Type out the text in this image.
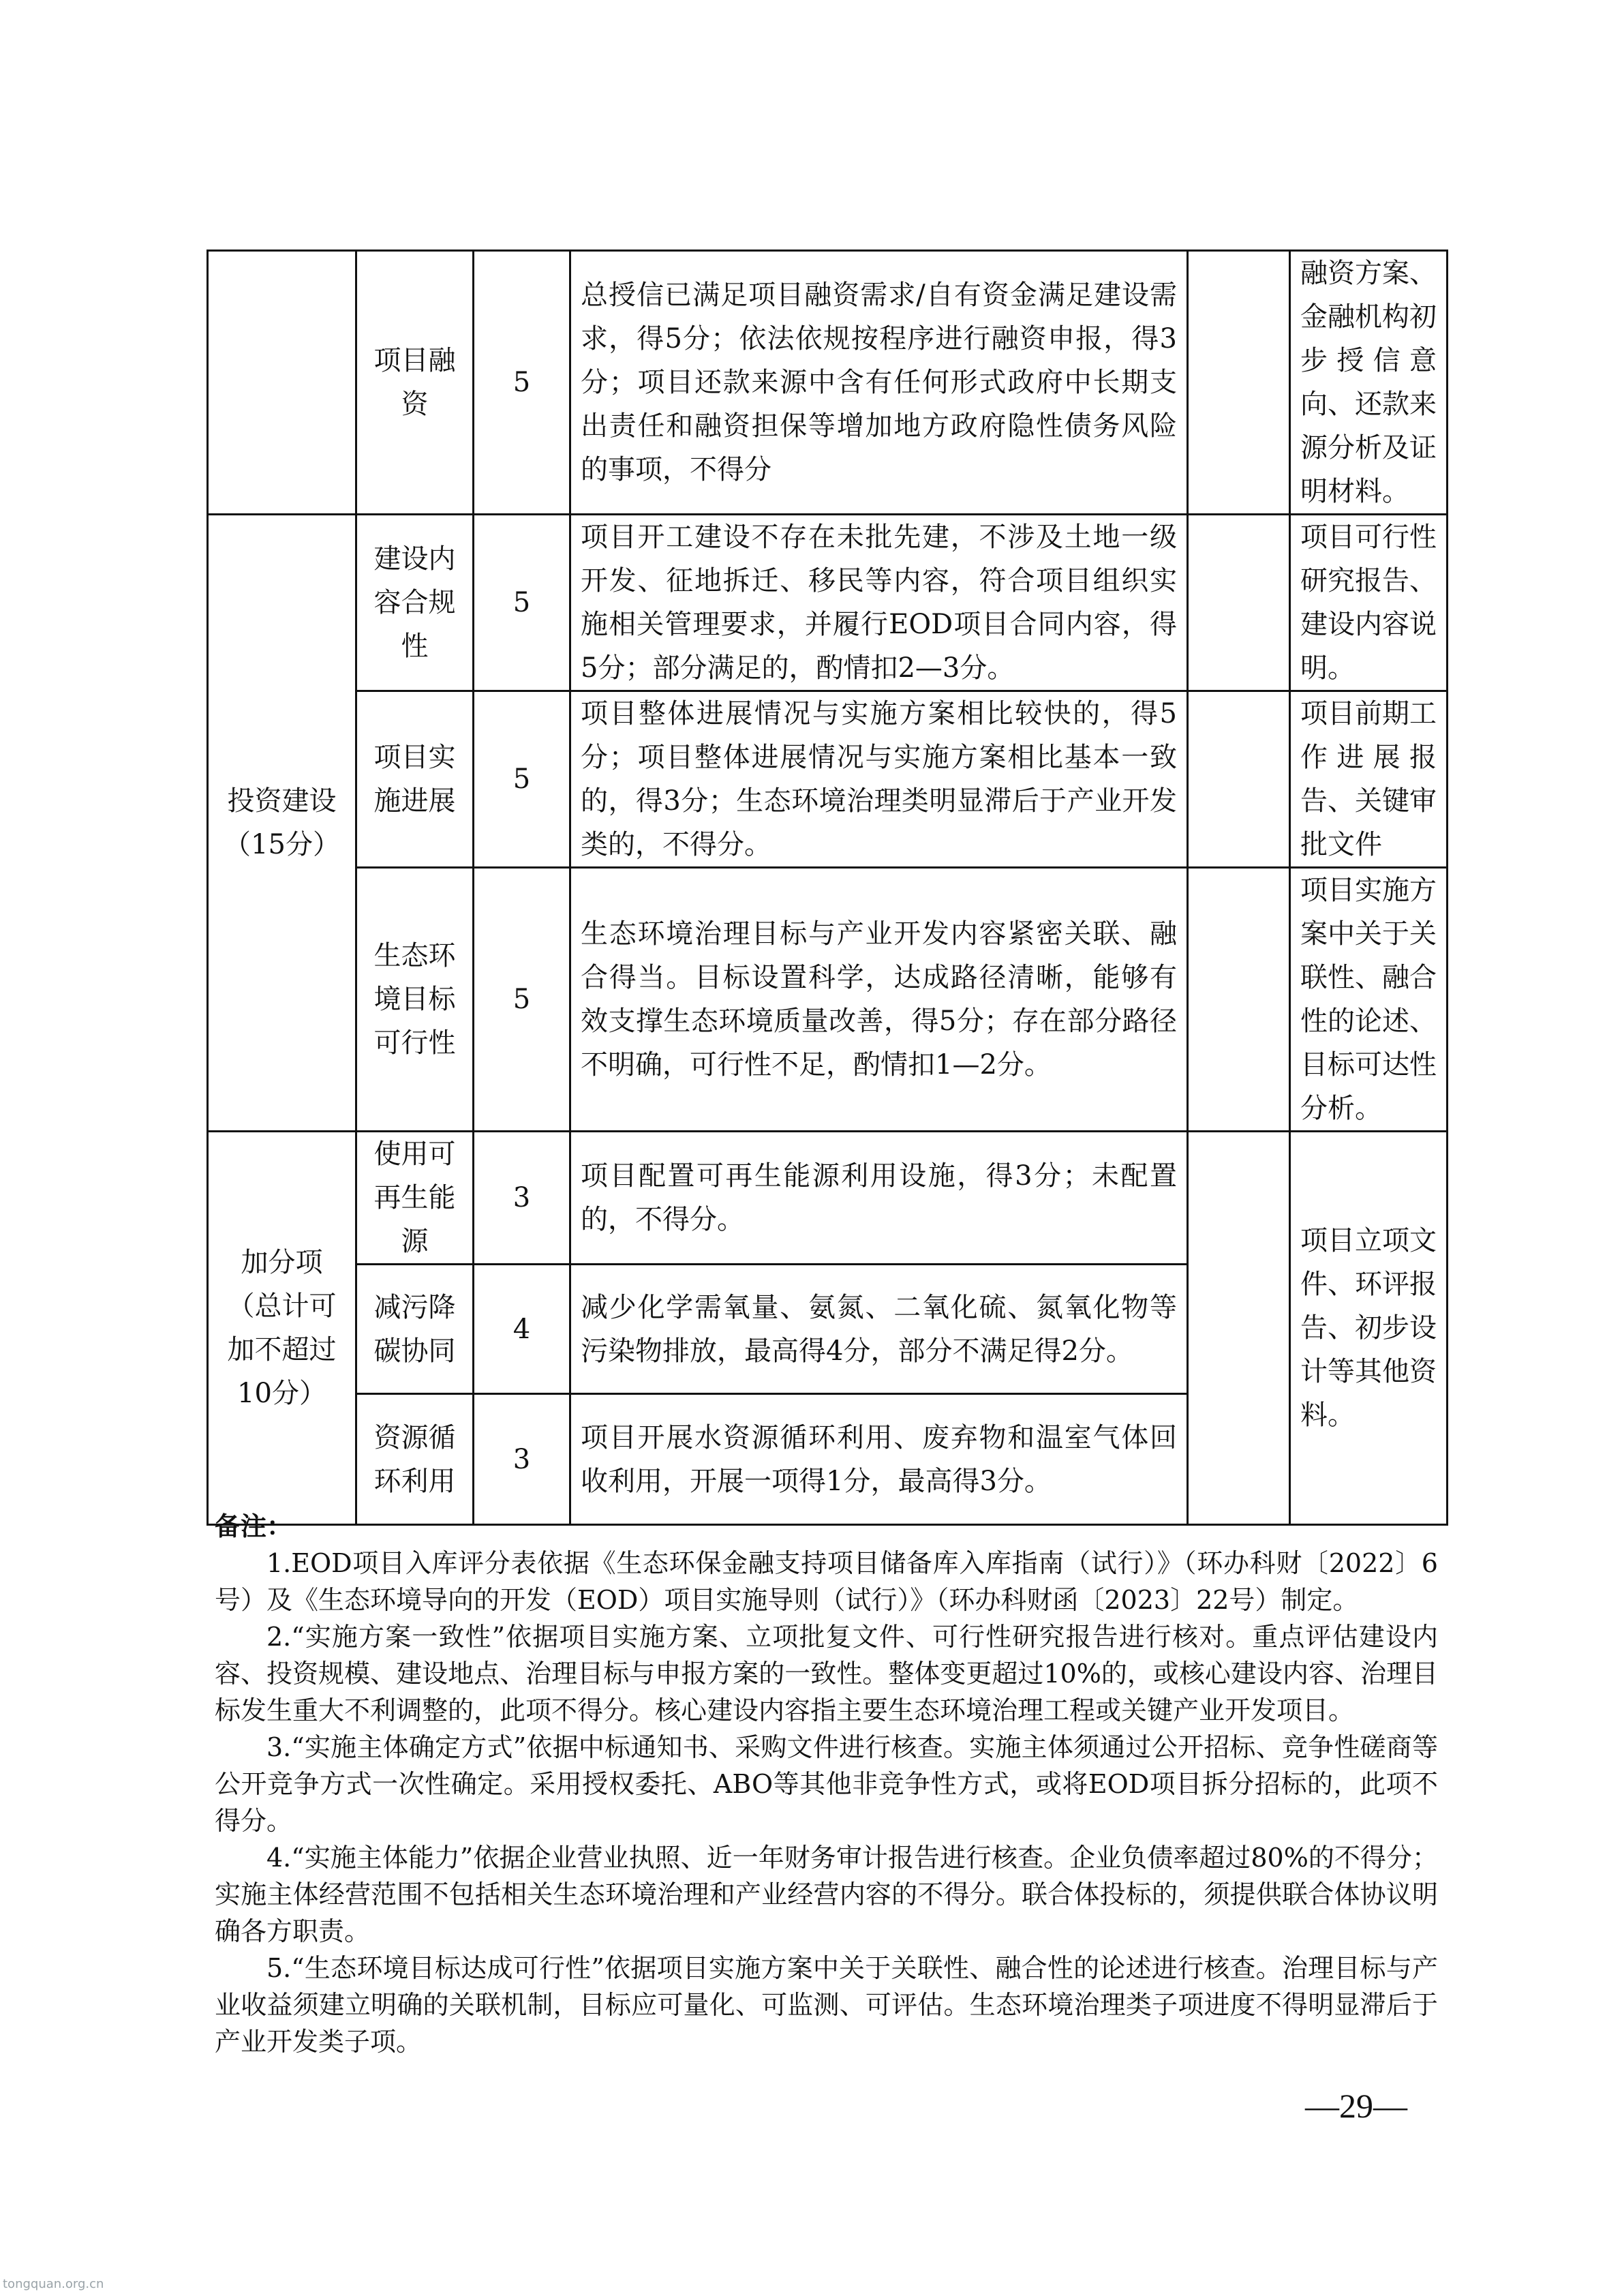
	项目融资	5	总授信已满足项目融资需求/自有资金满足建设需求，得5分；依法依规按程序进行融资申报，得3分；项目还款来源中含有任何形式政府中长期支出责任和融资担保等增加地方政府隐性债务风险的事项，不得分		融资方案、金融机构初步授信意向、还款来源分析及证明材料。
投资建设（15分）	建设内容合规性	5	项目开工建设不存在未批先建，不涉及土地一级开发、征地拆迁、移民等内容，符合项目组织实施相关管理要求，并履行EOD项目合同内容，得5分；部分满足的，酌情扣2—3分。		项目可行性研究报告、建设内容说明。
	项目实施进展	5	项目整体进展情况与实施方案相比较快的，得5分；项目整体进展情况与实施方案相比基本一致的，得3分；生态环境治理类明显滞后于产业开发类的，不得分。		项目前期工作进展报告、关键审批文件
	生态环境目标可行性	5	生态环境治理目标与产业开发内容紧密关联、融合得当。目标设置科学，达成路径清晰，能够有效支撑生态环境质量改善，得5分；存在部分路径不明确，可行性不足，酌情扣1—2分。		项目实施方案中关于关联性、融合性的论述、目标可达性分析。
加分项（总计可加不超过10分）	使用可再生能源	3	项目配置可再生能源利用设施，得3分；未配置的，不得分。		项目立项文件、环评报告、初步设计等其他资料。
	减污降碳协同	4	减少化学需氧量、氨氮、二氧化硫、氮氧化物等污染物排放，最高得4分，部分不满足得2分。		
	资源循环利用	3	项目开展水资源循环利用、废弃物和温室气体回收利用，开展一项得1分，最高得3分。		
备注：

1.EOD项目入库评分表依据《生态环保金融支持项目储备库入库指南（试行）》（环办科财〔2022〕6号）及《生态环境导向的开发（EOD）项目实施导则（试行）》（环办科财函〔2023〕22号）制定。

2.“实施方案一致性”依据项目实施方案、立项批复文件、可行性研究报告进行核对。重点评估建设内容、投资规模、建设地点、治理目标与申报方案的一致性。整体变更超过10%的，或核心建设内容、治理目标发生重大不利调整的，此项不得分。核心建设内容指主要生态环境治理工程或关键产业开发项目。

3.“实施主体确定方式”依据中标通知书、采购文件进行核查。实施主体须通过公开招标、竞争性磋商等公开竞争方式一次性确定。采用授权委托、ABO等其他非竞争性方式，或将EOD项目拆分招标的，此项不得分。

4.“实施主体能力”依据企业营业执照、近一年财务审计报告进行核查。企业负债率超过80%的不得分；实施主体经营范围不包括相关生态环境治理和产业经营内容的不得分。联合体投标的，须提供联合体协议明确各方职责。

5.“生态环境目标达成可行性”依据项目实施方案中关于关联性、融合性的论述进行核查。治理目标与产业收益须建立明确的关联机制，目标应可量化、可监测、可评估。生态环境治理类子项进度不得明显滞后于产业开发类子项。

—29—
tongquan.org.cn
